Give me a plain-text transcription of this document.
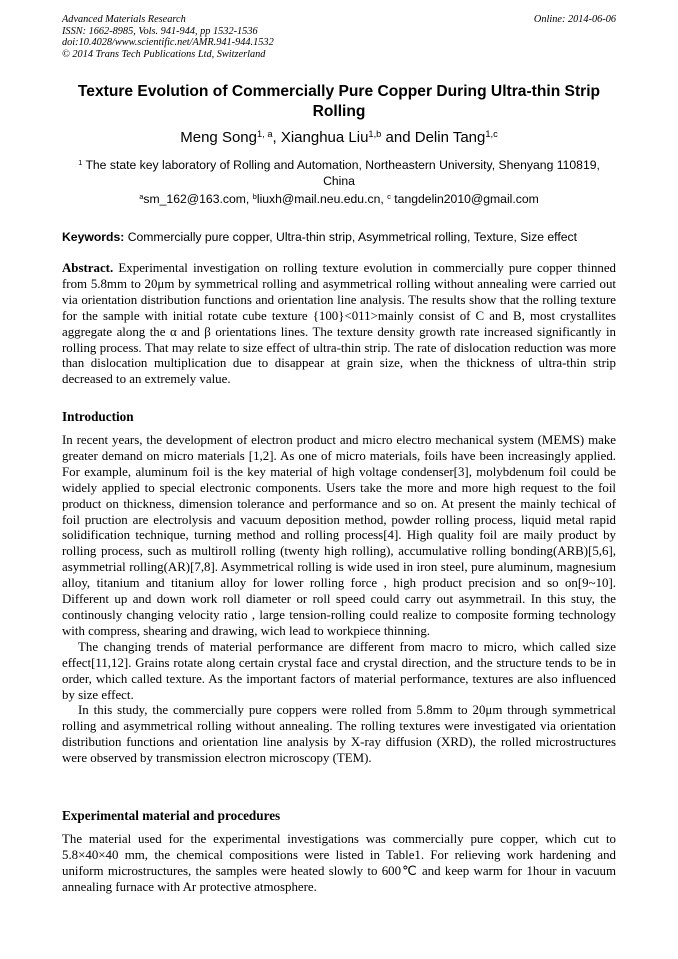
Advanced Materials Research
ISSN: 1662-8985, Vols. 941-944, pp 1532-1536
doi:10.4028/www.scientific.net/AMR.941-944.1532
© 2014 Trans Tech Publications Ltd, Switzerland
Online: 2014-06-06
Texture Evolution of Commercially Pure Copper During Ultra-thin Strip Rolling
Meng Song$^{1, a}$, Xianghua Liu$^{1,b}$ and Delin Tang$^{1,c}$
$^1$ The state key laboratory of Rolling and Automation, Northeastern University, Shenyang 110819, China
$^a$sm_162@163.com, $^b$liuxh@mail.neu.edu.cn, $^c$ tangdelin2010@gmail.com
Keywords: Commercially pure copper, Ultra-thin strip, Asymmetrical rolling, Texture, Size effect
Abstract. Experimental investigation on rolling texture evolution in commercially pure copper thinned from 5.8mm to 20μm by symmetrical rolling and asymmetrical rolling without annealing were carried out via orientation distribution functions and orientation line analysis. The results show that the rolling texture for the sample with initial rotate cube texture {100}<011>mainly consist of C and B, most crystallites aggregate along the α and β orientations lines. The texture density growth rate increased significantly in rolling process. That may relate to size effect of ultra-thin strip. The rate of dislocation reduction was more than dislocation multiplication due to disappear at grain size, when the thickness of ultra-thin strip decreased to an extremely value.
Introduction

In recent years, the development of electron product and micro electro mechanical system (MEMS) make greater demand on micro materials [1,2]. As one of micro materials, foils have been increasingly applied. For example, aluminum foil is the key material of high voltage condenser[3], molybdenum foil could be widely applied to special electronic components. Users take the more and more high request to the foil product on thickness, dimension tolerance and performance and so on. At present the mainly techical of foil pruction are electrolysis and vacuum deposition method, powder rolling process, liquid metal rapid solidification technique, turning method and rolling process[4]. High quality foil are maily product by rolling process, such as multiroll rolling (twenty high rolling), accumulative rolling bonding(ARB)[5,6], asymmetrial rolling(AR)[7,8]. Asymmetrical rolling is wide used in iron steel, pure aluminum, magnesium alloy, titanium and titanium alloy for lower rolling force , high product precision and so on[9~10]. Different up and down work roll diameter or roll speed could carry out asymmetrail. In this stuy, the continously changing velocity ratio , large tension-rolling could realize to composite forming technology with compress, shearing and drawing, wich lead to workpiece thinning.

The changing trends of material performance are different from macro to micro, which called size effect[11,12]. Grains rotate along certain crystal face and crystal direction, and the structure tends to be in order, which called texture. As the important factors of material performance, textures are also influenced by size effect.

In this study, the commercially pure coppers were rolled from 5.8mm to 20μm through symmetrical rolling and asymmetrical rolling without annealing. The rolling textures were investigated via orientation distribution functions and orientation line analysis by X-ray diffusion (XRD), the rolled microstructures were observed by transmission electron microscopy (TEM).

Experimental material and procedures

The material used for the experimental investigations was commercially pure copper, which cut to 5.8×40×40 mm, the chemical compositions were listed in Table1. For relieving work hardening and uniform microstructures, the samples were heated slowly to 600℃ and keep warm for 1hour in vacuum annealing furnace with Ar protective atmosphere.
